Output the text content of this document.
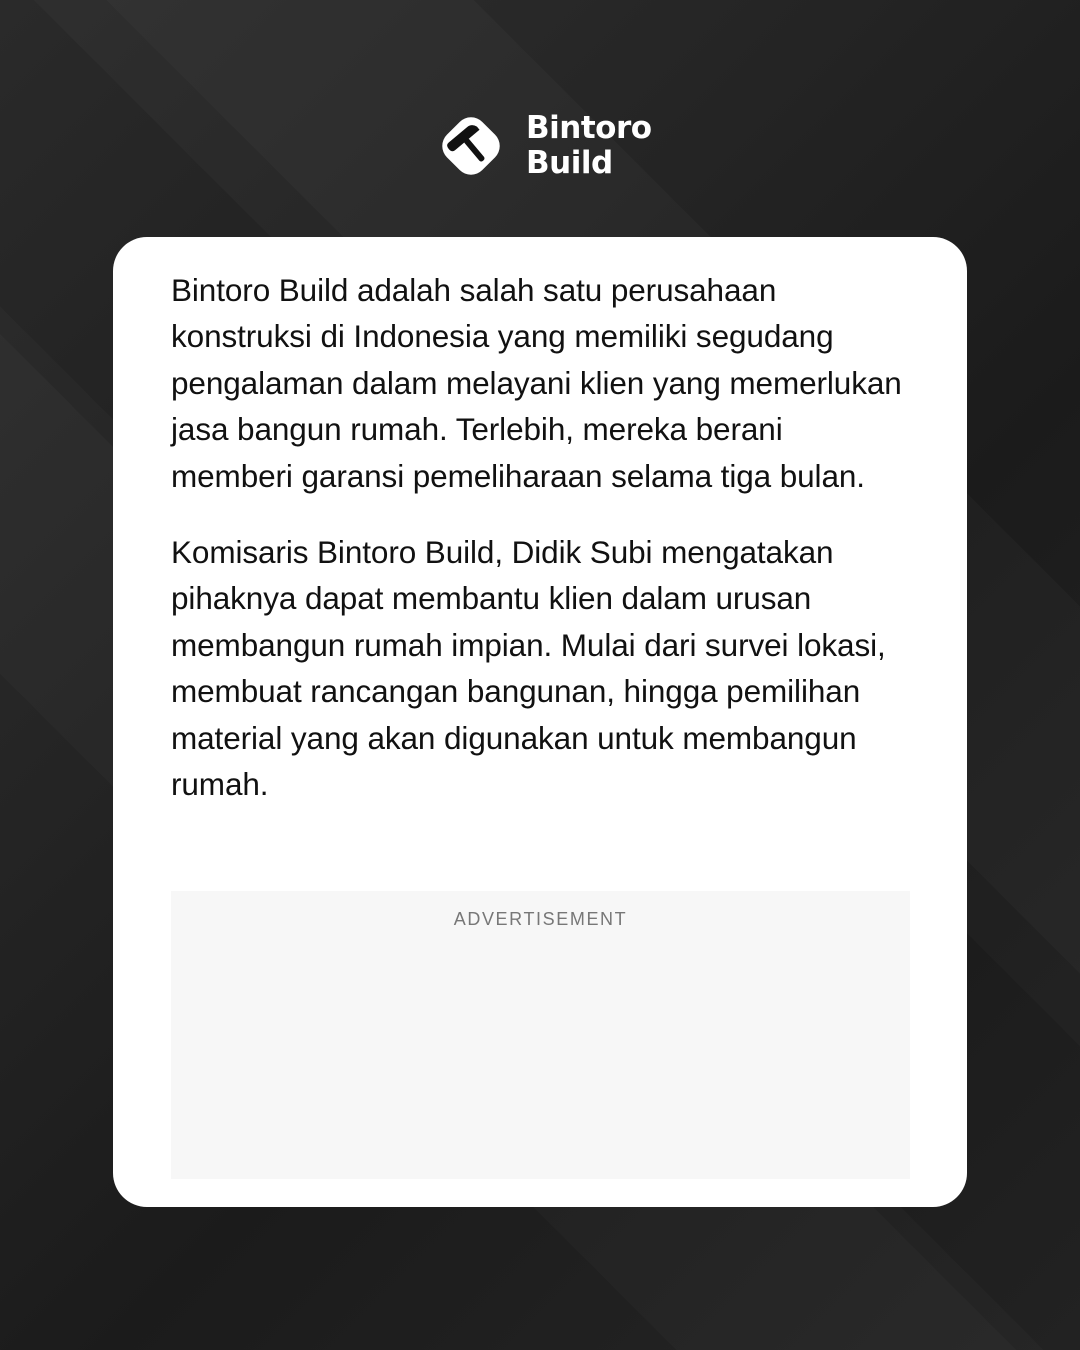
Bintoro
Build

Bintoro Build adalah salah satu perusahaan konstruksi di Indonesia yang memiliki segudang pengalaman dalam melayani klien yang memerlukan jasa bangun rumah. Terlebih, mereka berani memberi garansi pemeliharaan selama tiga bulan.

Komisaris Bintoro Build, Didik Subi mengatakan pihaknya dapat membantu klien dalam urusan membangun rumah impian. Mulai dari survei lokasi, membuat rancangan bangunan, hingga pemilihan material yang akan digunakan untuk membangun rumah.

ADVERTISEMENT
